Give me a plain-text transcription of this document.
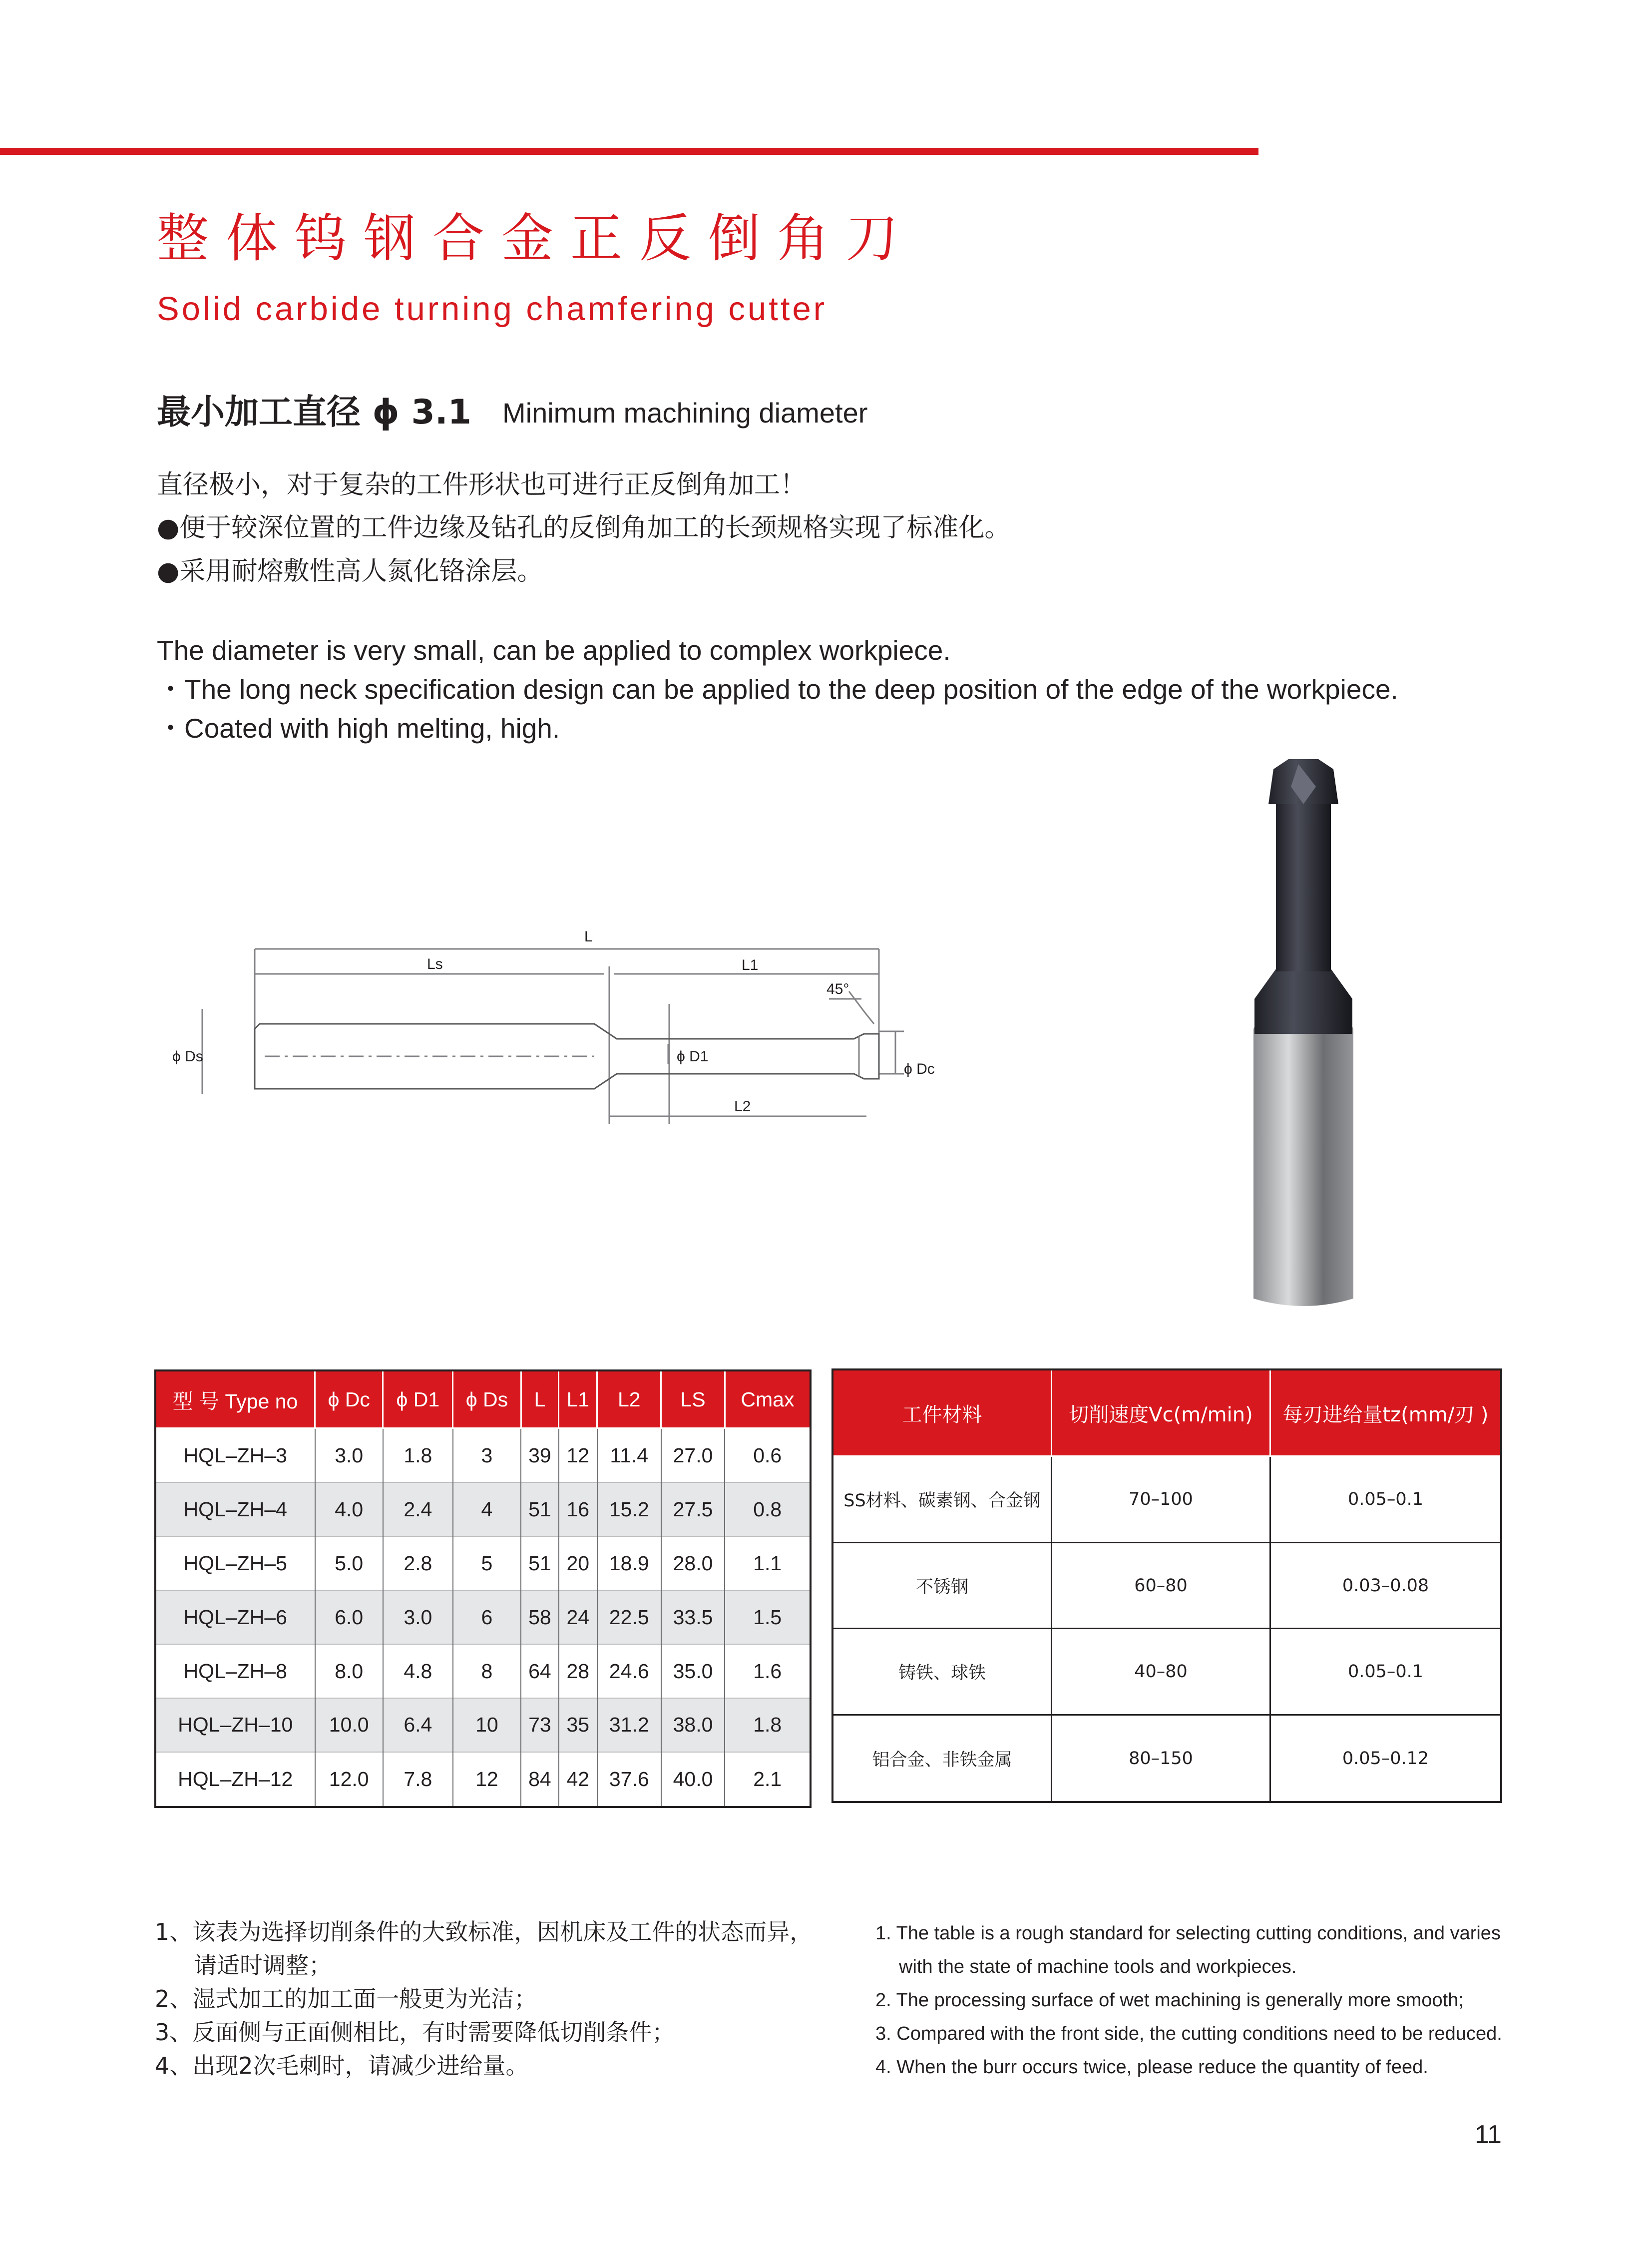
整体钨钢合金正反倒角刀
Solid carbide turning chamfering cutter
最小加工直径 ϕ 3.1 Minimum machining diameter
直径极小，对于复杂的工件形状也可进行正反倒角加工！
●便于较深位置的工件边缘及钻孔的反倒角加工的长颈规格实现了标准化。
●采用耐熔敷性高人氮化铬涂层。
The diameter is very small, can be applied to complex workpiece.
・The long neck specification design can be applied to the deep position of the edge of the workpiece.
・Coated with high melting, high.
L
Ls	L1
L2
45°
ϕ Ds	ϕ D1
ϕ Dc
型 号 Type no	ϕ Dc	ϕ D1	ϕ Ds	L	L1	L2	LS	Cmax
HQL–ZH–3	3.0	1.8	3	39	12	11.4	27.0	0.6
HQL–ZH–4	4.0	2.4	4	51	16	15.2	27.5	0.8
HQL–ZH–5	5.0	2.8	5	51	20	18.9	28.0	1.1
HQL–ZH–6	6.0	3.0	6	58	24	22.5	33.5	1.5
HQL–ZH–8	8.0	4.8	8	64	28	24.6	35.0	1.6
HQL–ZH–10	10.0	6.4	10	73	35	31.2	38.0	1.8
HQL–ZH–12	12.0	7.8	12	84	42	37.6	40.0	2.1
工件材料	切削速度Vc(m/min)	每刃进给量tz(mm/刃 )
SS材料、碳素钢、合金钢	70–100	0.05–0.1
不锈钢	60–80	0.03–0.08
铸铁、球铁	40–80	0.05–0.1
铝合金、非铁金属	80–150	0.05–0.12
1、该表为选择切削条件的大致标准，因机床及工件的状态而异，
请适时调整；
2、湿式加工的加工面一般更为光洁；
3、反面侧与正面侧相比，有时需要降低切削条件；
4、出现2次毛刺时，请减少进给量。
1. The table is a rough standard for selecting cutting conditions, and varies
with the state of machine tools and workpieces.
2. The processing surface of wet machining is generally more smooth;
3. Compared with the front side, the cutting conditions need to be reduced.
4. When the burr occurs twice, please reduce the quantity of feed.
11
